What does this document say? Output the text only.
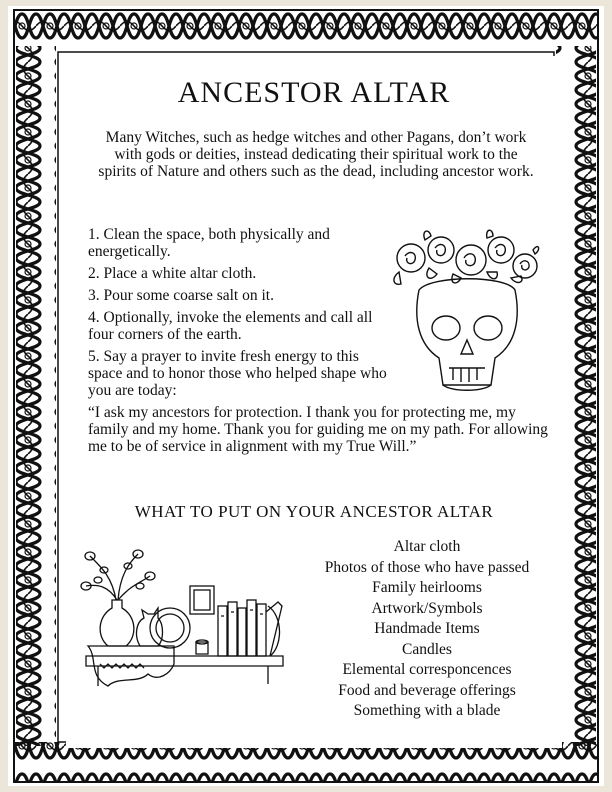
ANCESTOR ALTAR
Many Witches, such as hedge witches and other Pagans, don’t work with gods or deities, instead dedicating their spiritual work to the spirits of Nature and others such as the dead, including ancestor work.
1. Clean the space, both physically and energetically.
2. Place a white altar cloth.
3. Pour some coarse salt on it.
4. Optionally, invoke the elements and call all four corners of the earth.
5. Say a prayer to invite fresh energy to this space and to honor those who helped shape who you are today:
“I ask my ancestors for protection. I thank you for protecting me, my family and my home. Thank you for guiding me on my path. For allowing me to be of service in alignment with my True Will.”
WHAT TO PUT ON YOUR ANCESTOR ALTAR
Altar cloth
Photos of those who have passed
Family heirlooms
Artwork/Symbols
Handmade Items
Candles
Elemental corresponcences
Food and beverage offerings
Something with a blade
